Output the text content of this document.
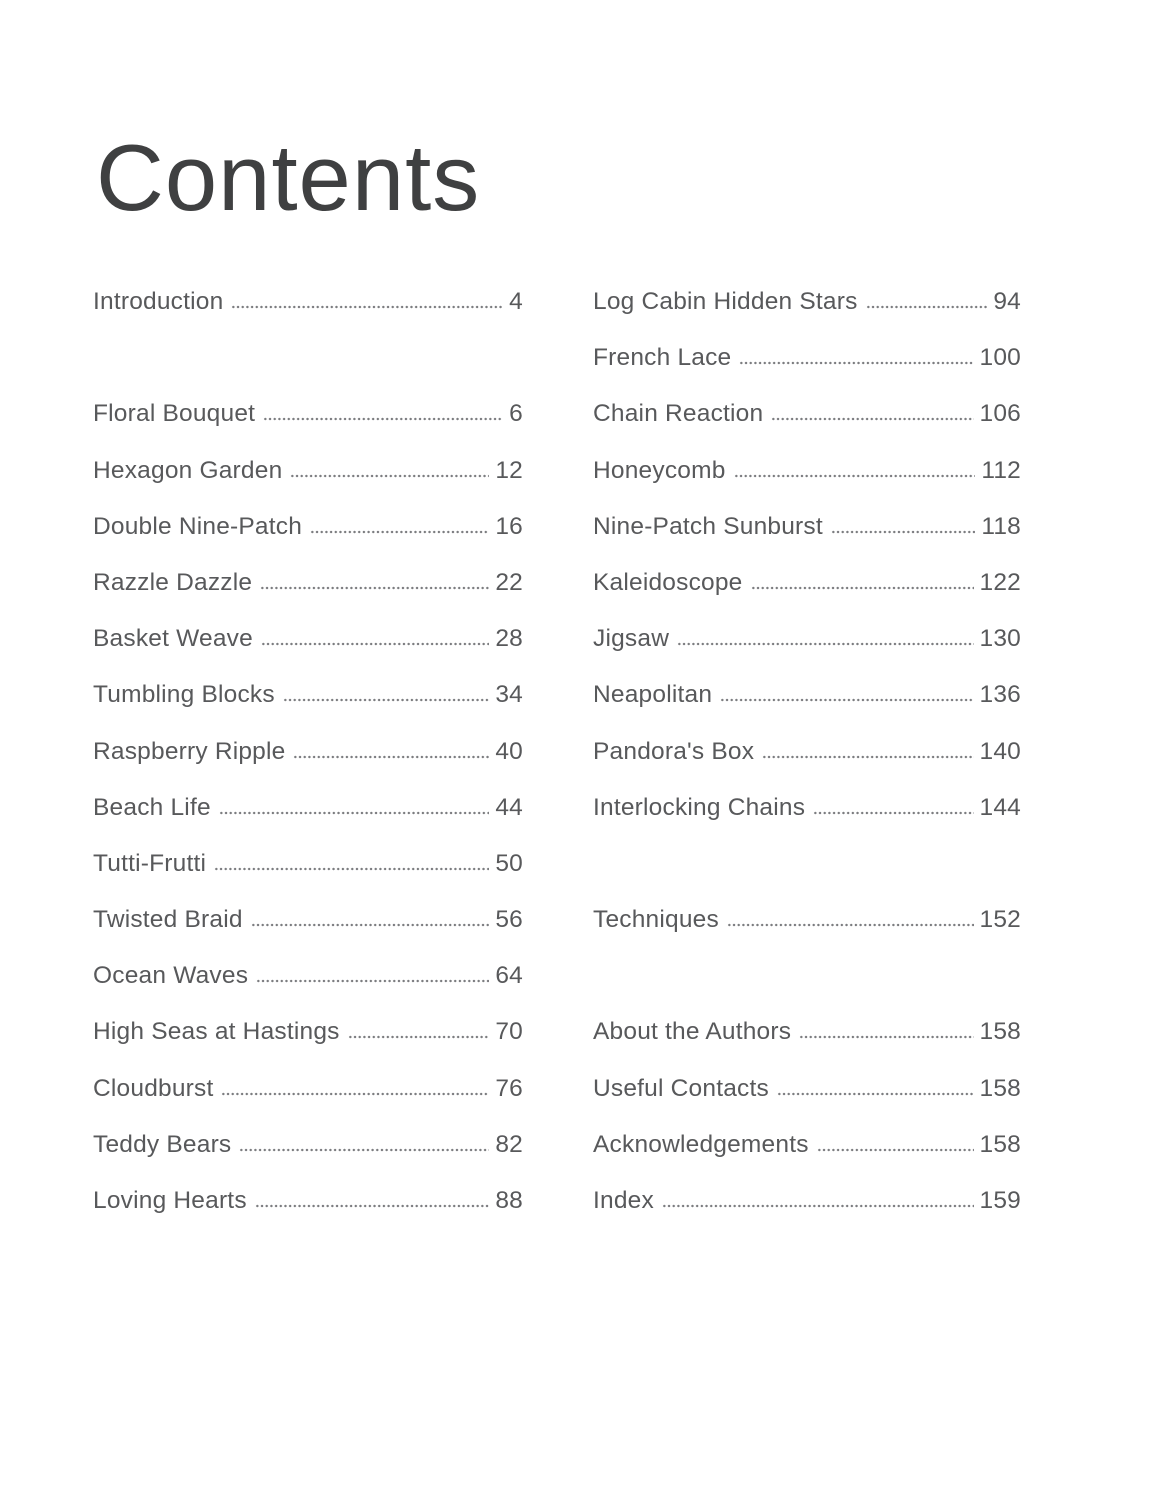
Contents
Introduction	4
Floral Bouquet	6
Hexagon Garden	12
Double Nine-Patch	16
Razzle Dazzle	22
Basket Weave	28
Tumbling Blocks	34
Raspberry Ripple	40
Beach Life	44
Tutti-Frutti	50
Twisted Braid	56
Ocean Waves	64
High Seas at Hastings	70
Cloudburst	76
Teddy Bears	82
Loving Hearts	88
Log Cabin Hidden Stars	94
French Lace	100
Chain Reaction	106
Honeycomb	112
Nine-Patch Sunburst	118
Kaleidoscope	122
Jigsaw	130
Neapolitan	136
Pandora's Box	140
Interlocking Chains	144
Techniques	152
About the Authors	158
Useful Contacts	158
Acknowledgements	158
Index	159
